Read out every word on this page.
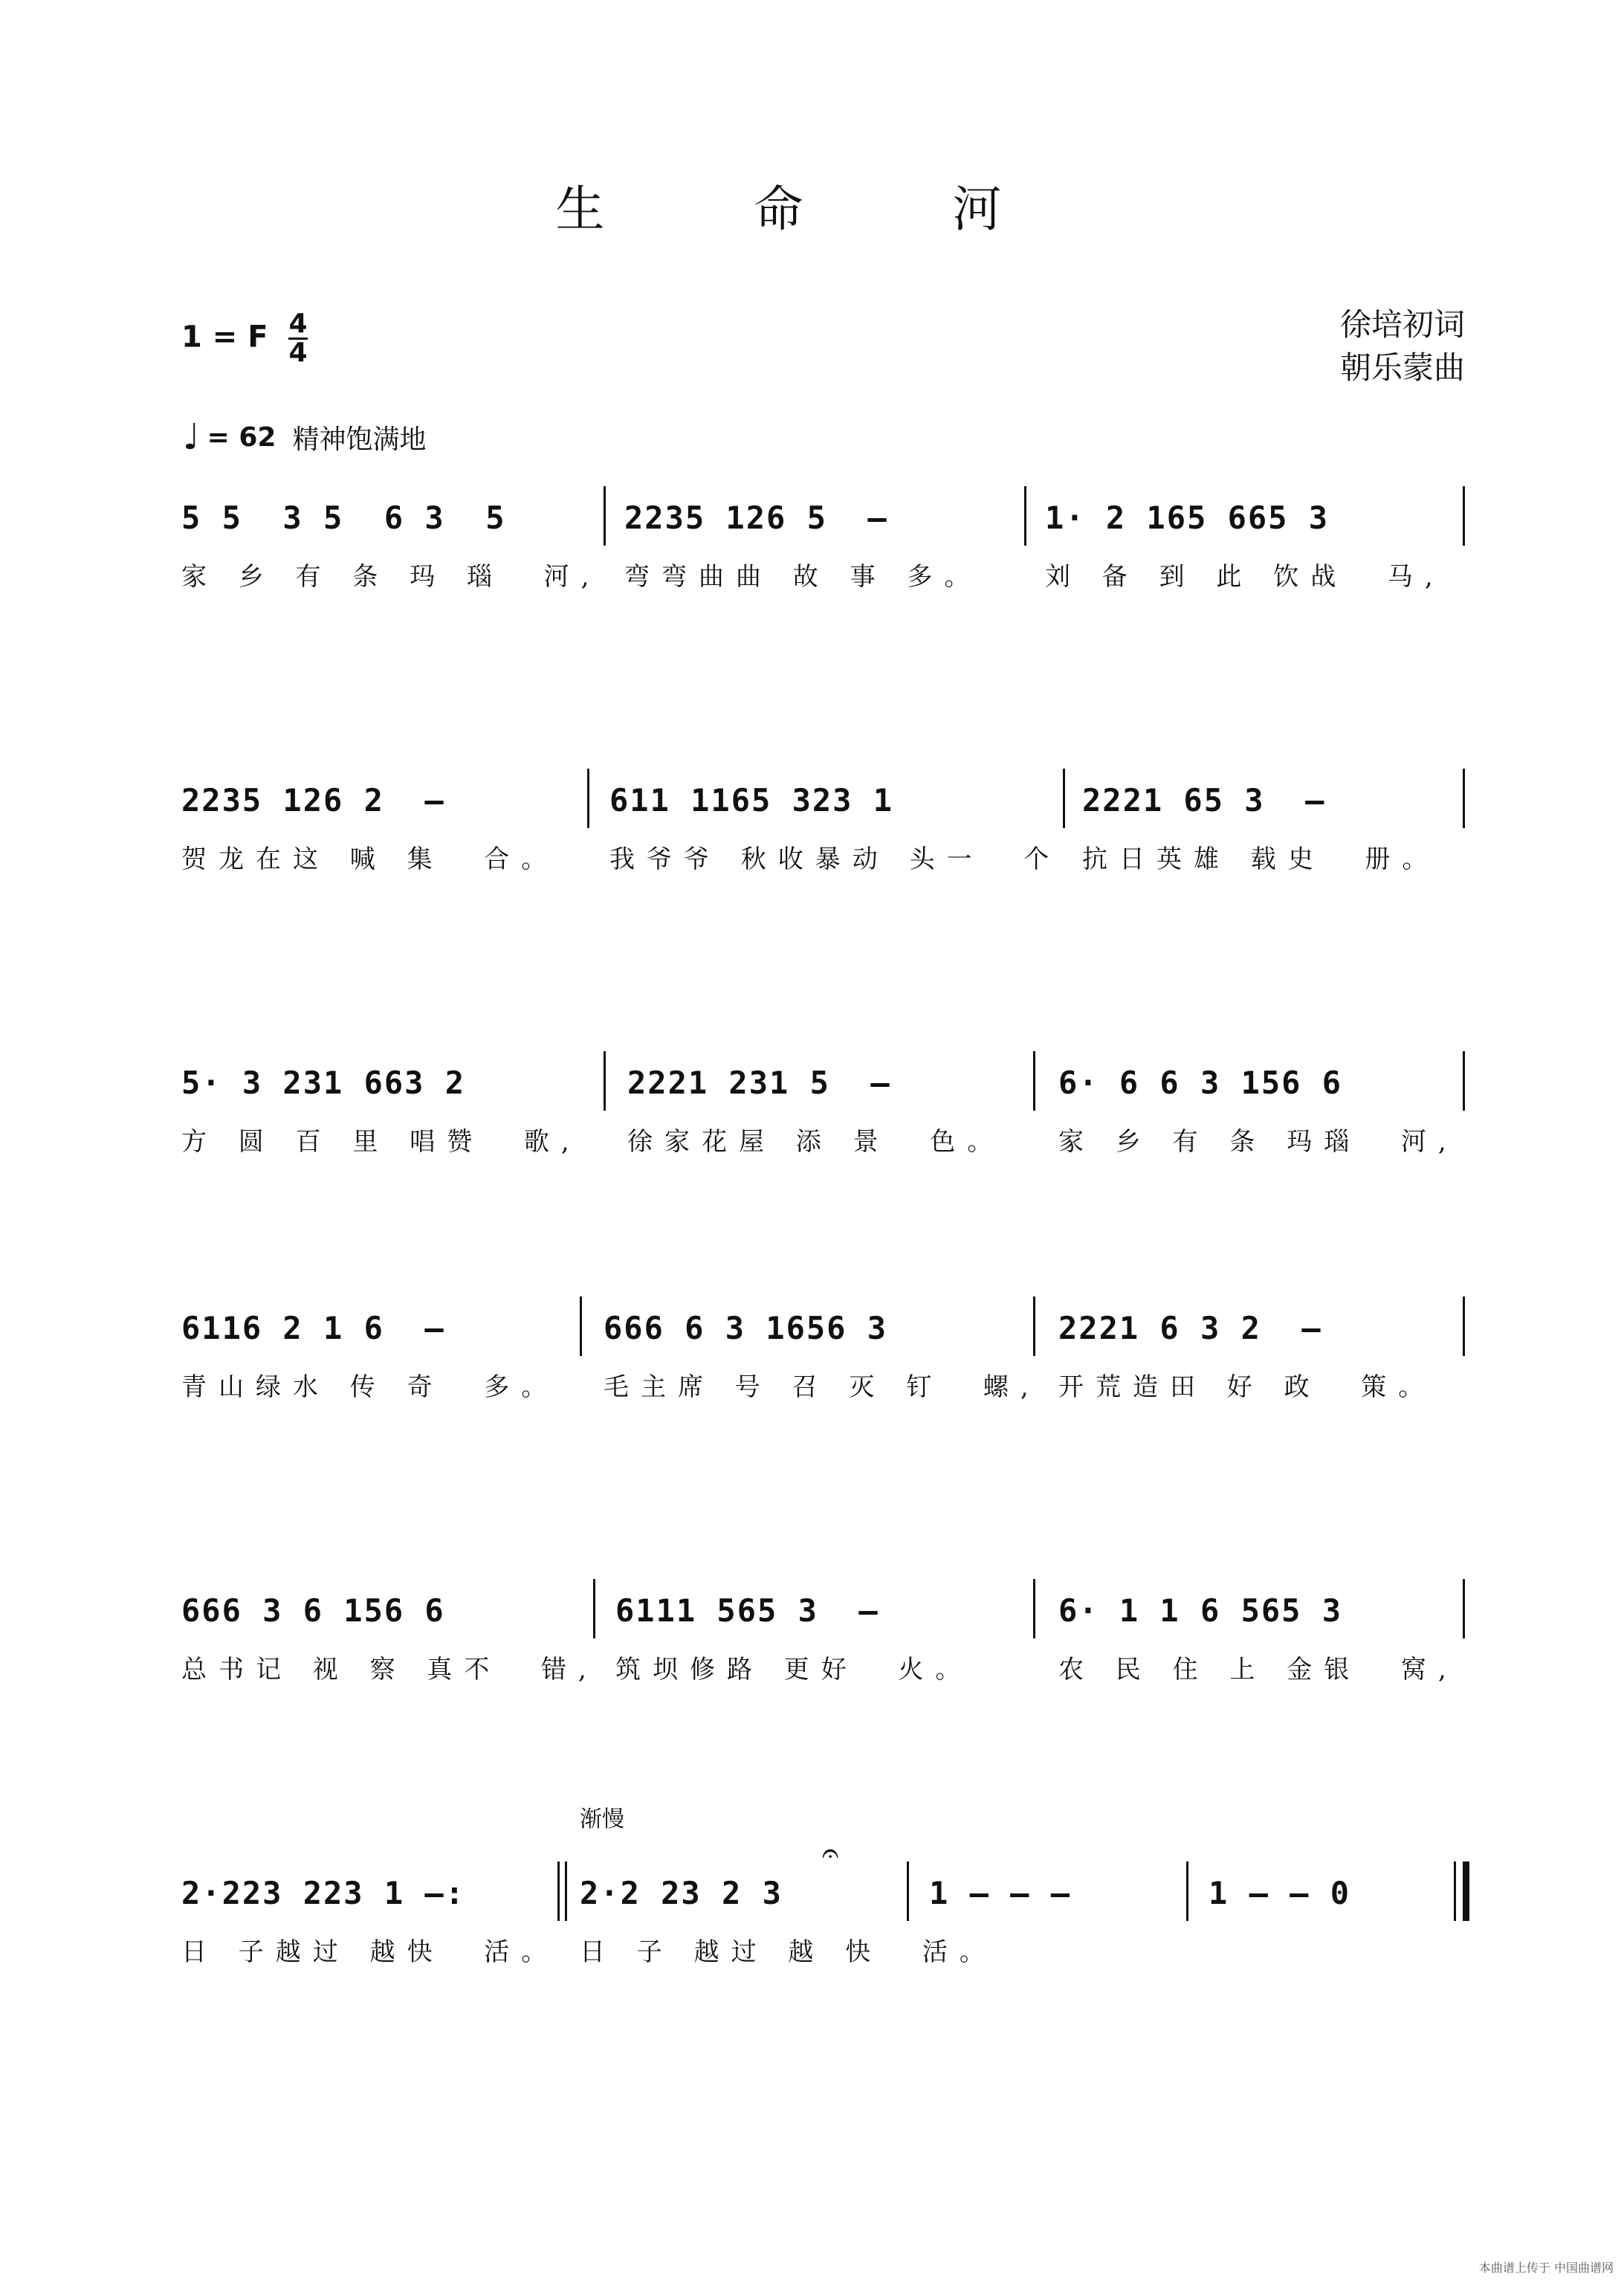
生 命 河
1 = F $\frac{4}{4}$	徐培初词
朝乐蒙曲
♩ = 62 精神饱满地
5 5  3 5  6 3  5	2235 126 5  –	1· 2 165 665 3
家 乡 有 条 玛 瑙  河, 弯弯曲曲 故 事 多。	刘 备 到 此 饮战  马,
2235 126 2  –	611 1165 323 1	2221 65 3  –
贺龙在这 喊 集  合。 我爷爷 秋收暴动 头一  个 抗日英雄 载史  册。
5· 3 231 663 2	2221 231 5  –	6· 6 6 3 156 6
方 圆 百 里 唱赞  歌, 徐家花屋 添 景  色。 家 乡 有 条 玛瑙  河,
6116 2 1 6  –	666 6 3 1656 3	2221 6 3 2  –
青山绿水 传 奇  多。 毛主席 号 召 灭 钉  螺, 开荒造田 好 政  策。
666 3 6 156 6	6111 565 3  –	6· 1 1 6 565 3
总书记 视 察 真不  错, 筑坝修路 更好  火。	农 民 住 上 金银  窝,
渐慢
𝄐
2·223 223 1 –:	2·2 23 2 3	1 – – –	1 – – 0
日 子越过 越快  活。 日 子 越过 越 快  活。
本曲谱上传于 中国曲谱网
